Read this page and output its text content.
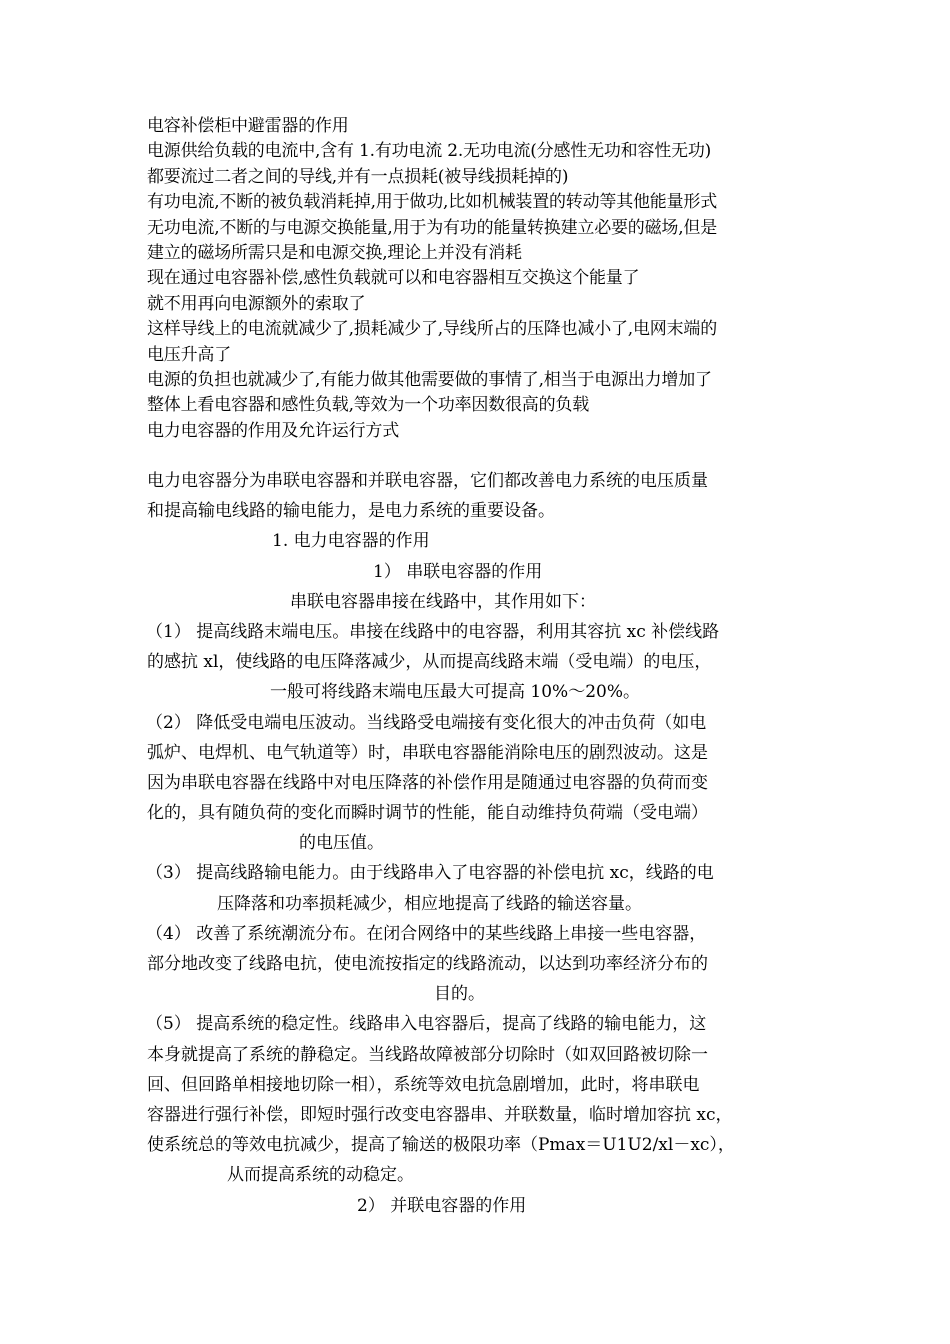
电容补偿柜中避雷器的作用
电源供给负载的电流中,含有 1.有功电流 2.无功电流(分感性无功和容性无功)
都要流过二者之间的导线,并有一点损耗(被导线损耗掉的)
有功电流,不断的被负载消耗掉,用于做功,比如机械装置的转动等其他能量形式
无功电流,不断的与电源交换能量,用于为有功的能量转换建立必要的磁场,但是
建立的磁场所需只是和电源交换,理论上并没有消耗
现在通过电容器补偿,感性负载就可以和电容器相互交换这个能量了
就不用再向电源额外的索取了
这样导线上的电流就减少了,损耗减少了,导线所占的压降也减小了,电网末端的
电压升高了
电源的负担也就减少了,有能力做其他需要做的事情了,相当于电源出力增加了
整体上看电容器和感性负载,等效为一个功率因数很高的负载
电力电容器的作用及允许运行方式
电力电容器分为串联电容器和并联电容器，它们都改善电力系统的电压质量
和提高输电线路的输电能力，是电力系统的重要设备。
1. 电力电容器的作用
1） 串联电容器的作用
串联电容器串接在线路中，其作用如下：
（1） 提高线路末端电压。串接在线路中的电容器，利用其容抗 xc 补偿线路
的感抗 xl，使线路的电压降落减少，从而提高线路末端（受电端）的电压，
一般可将线路末端电压最大可提高 10%～20%。
（2） 降低受电端电压波动。当线路受电端接有变化很大的冲击负荷（如电
弧炉、电焊机、电气轨道等）时，串联电容器能消除电压的剧烈波动。这是
因为串联电容器在线路中对电压降落的补偿作用是随通过电容器的负荷而变
化的，具有随负荷的变化而瞬时调节的性能，能自动维持负荷端（受电端）
的电压值。
（3） 提高线路输电能力。由于线路串入了电容器的补偿电抗 xc，线路的电
压降落和功率损耗减少，相应地提高了线路的输送容量。
（4） 改善了系统潮流分布。在闭合网络中的某些线路上串接一些电容器，
部分地改变了线路电抗，使电流按指定的线路流动，以达到功率经济分布的
目的。
（5） 提高系统的稳定性。线路串入电容器后，提高了线路的输电能力，这
本身就提高了系统的静稳定。当线路故障被部分切除时（如双回路被切除一
回、但回路单相接地切除一相），系统等效电抗急剧增加，此时，将串联电
容器进行强行补偿，即短时强行改变电容器串、并联数量，临时增加容抗 xc，
使系统总的等效电抗减少，提高了输送的极限功率（Pmax＝U1U2/xl－xc），
从而提高系统的动稳定。
2） 并联电容器的作用
